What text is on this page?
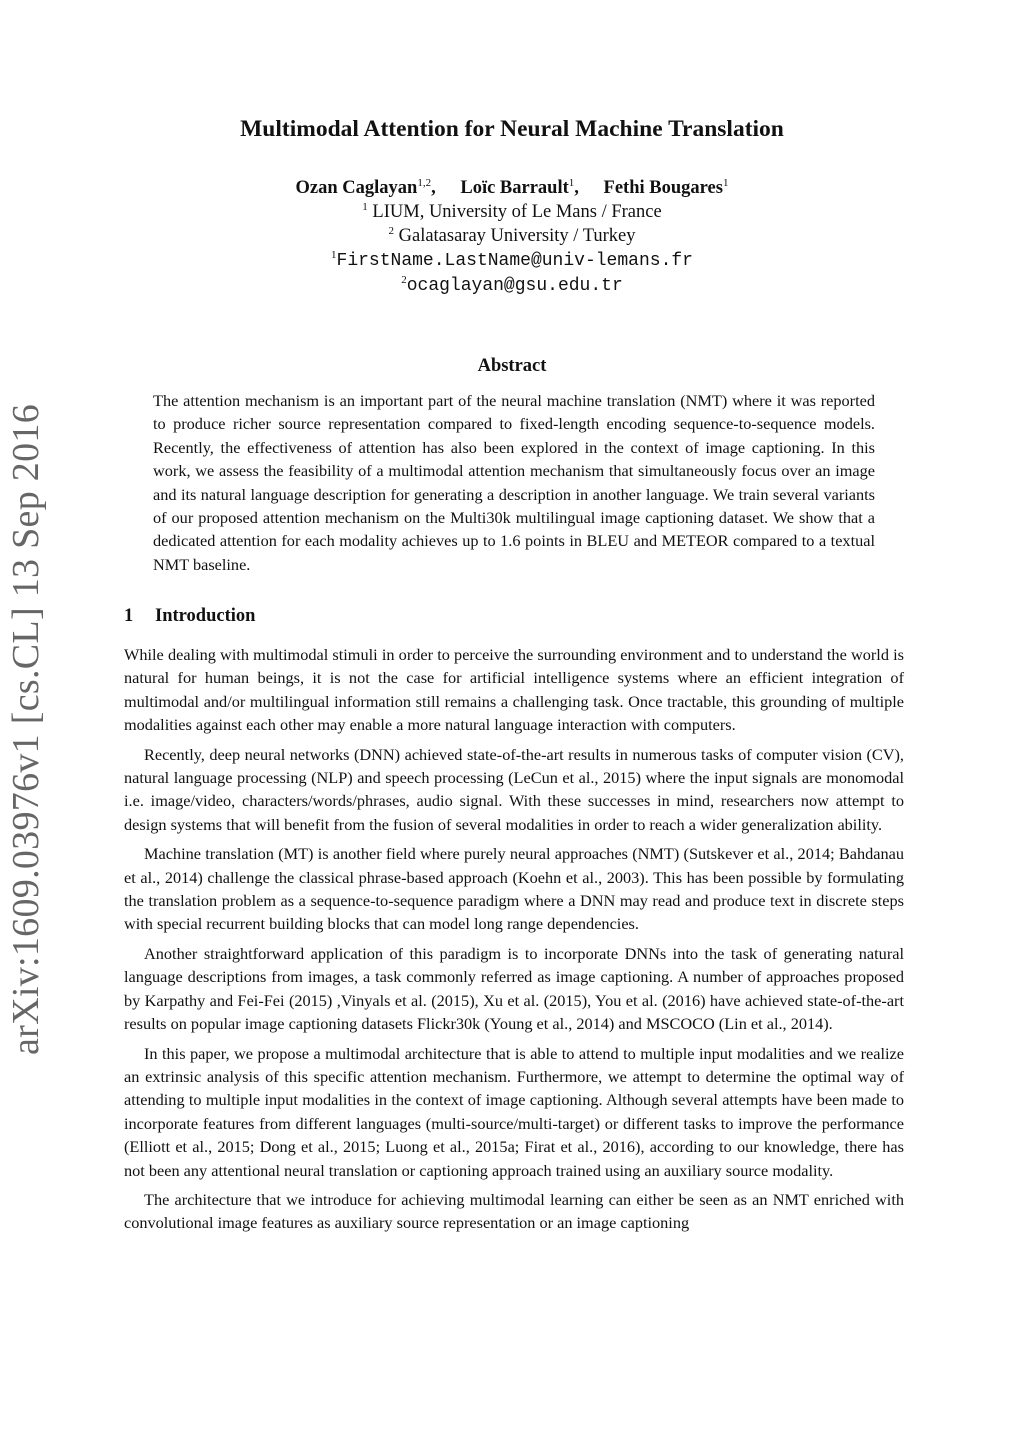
Multimodal Attention for Neural Machine Translation
Ozan Caglayan$^{1,2}$, Loïc Barrault$^1$, Fethi Bougares$^1$
$^1$ LIUM, University of Le Mans / France
$^2$ Galatasaray University / Turkey
$^1$FirstName.LastName@univ-lemans.fr
$^2$ocaglayan@gsu.edu.tr
Abstract
The attention mechanism is an important part of the neural machine translation (NMT) where it was reported to produce richer source representation compared to fixed-length encoding sequence-to-sequence models. Recently, the effectiveness of attention has also been explored in the context of image captioning. In this work, we assess the feasibility of a multimodal attention mechanism that simultaneously focus over an image and its natural language description for generating a description in another language. We train several variants of our proposed attention mechanism on the Multi30k multilingual image captioning dataset. We show that a dedicated attention for each modality achieves up to 1.6 points in BLEU and METEOR compared to a textual NMT baseline.
1 Introduction

While dealing with multimodal stimuli in order to perceive the surrounding environment and to understand the world is natural for human beings, it is not the case for artificial intelligence systems where an efficient integration of multimodal and/or multilingual information still remains a challenging task. Once tractable, this grounding of multiple modalities against each other may enable a more natural language interaction with computers.

Recently, deep neural networks (DNN) achieved state-of-the-art results in numerous tasks of computer vision (CV), natural language processing (NLP) and speech processing (LeCun et al., 2015) where the input signals are monomodal i.e. image/video, characters/words/phrases, audio signal. With these successes in mind, researchers now attempt to design systems that will benefit from the fusion of several modalities in order to reach a wider generalization ability.

Machine translation (MT) is another field where purely neural approaches (NMT) (Sutskever et al., 2014; Bahdanau et al., 2014) challenge the classical phrase-based approach (Koehn et al., 2003). This has been possible by formulating the translation problem as a sequence-to-sequence paradigm where a DNN may read and produce text in discrete steps with special recurrent building blocks that can model long range dependencies.

Another straightforward application of this paradigm is to incorporate DNNs into the task of generating natural language descriptions from images, a task commonly referred as image captioning. A number of approaches proposed by Karpathy and Fei-Fei (2015) ,Vinyals et al. (2015), Xu et al. (2015), You et al. (2016) have achieved state-of-the-art results on popular image captioning datasets Flickr30k (Young et al., 2014) and MSCOCO (Lin et al., 2014).

In this paper, we propose a multimodal architecture that is able to attend to multiple input modalities and we realize an extrinsic analysis of this specific attention mechanism. Furthermore, we attempt to determine the optimal way of attending to multiple input modalities in the context of image captioning. Although several attempts have been made to incorporate features from different languages (multi-source/multi-target) or different tasks to improve the performance (Elliott et al., 2015; Dong et al., 2015; Luong et al., 2015a; Firat et al., 2016), according to our knowledge, there has not been any attentional neural translation or captioning approach trained using an auxiliary source modality.

The architecture that we introduce for achieving multimodal learning can either be seen as an NMT enriched with convolutional image features as auxiliary source representation or an image captioning

arXiv:1609.03976v1 [cs.CL] 13 Sep 2016
